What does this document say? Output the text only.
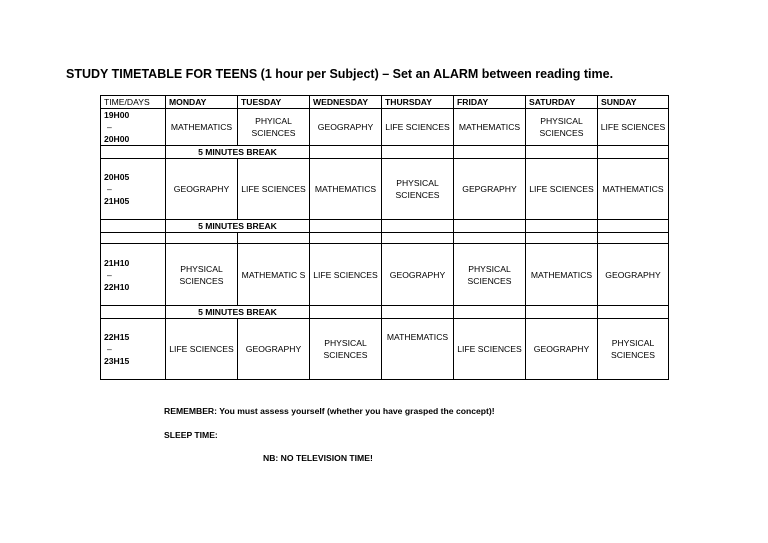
STUDY TIMETABLE FOR TEENS (1 hour per Subject) – Set an ALARM between reading time.
TIME/DAYS	MONDAY	TUESDAY	WEDNESDAY	THURSDAY	FRIDAY	SATURDAY	SUNDAY

19H00
–
20H00	MATHEMATICS	PHYICAL SCIENCES	GEOGRAPHY	LIFE SCIENCES	MATHEMATICS	PHYSICAL SCIENCES	LIFE SCIENCES
	5 MINUTES BREAK						

20H05
–
21H05	GEOGRAPHY	LIFE SCIENCES	MATHEMATICS	PHYSICAL SCIENCES	GEPGRAPHY	LIFE SCIENCES	MATHEMATICS
	5 MINUTES BREAK						

21H10
–
22H10	PHYSICAL SCIENCES	MATHEMATIC S	LIFE SCIENCES	GEOGRAPHY	PHYSICAL SCIENCES	MATHEMATICS	GEOGRAPHY
	5 MINUTES BREAK						

22H15
–
23H15	LIFE SCIENCES	GEOGRAPHY	PHYSICAL SCIENCES	MATHEMATICS	LIFE SCIENCES	GEOGRAPHY	PHYSICAL SCIENCES
REMEMBER: You must assess yourself (whether you have grasped the concept)!
SLEEP TIME:
NB: NO TELEVISION TIME!
